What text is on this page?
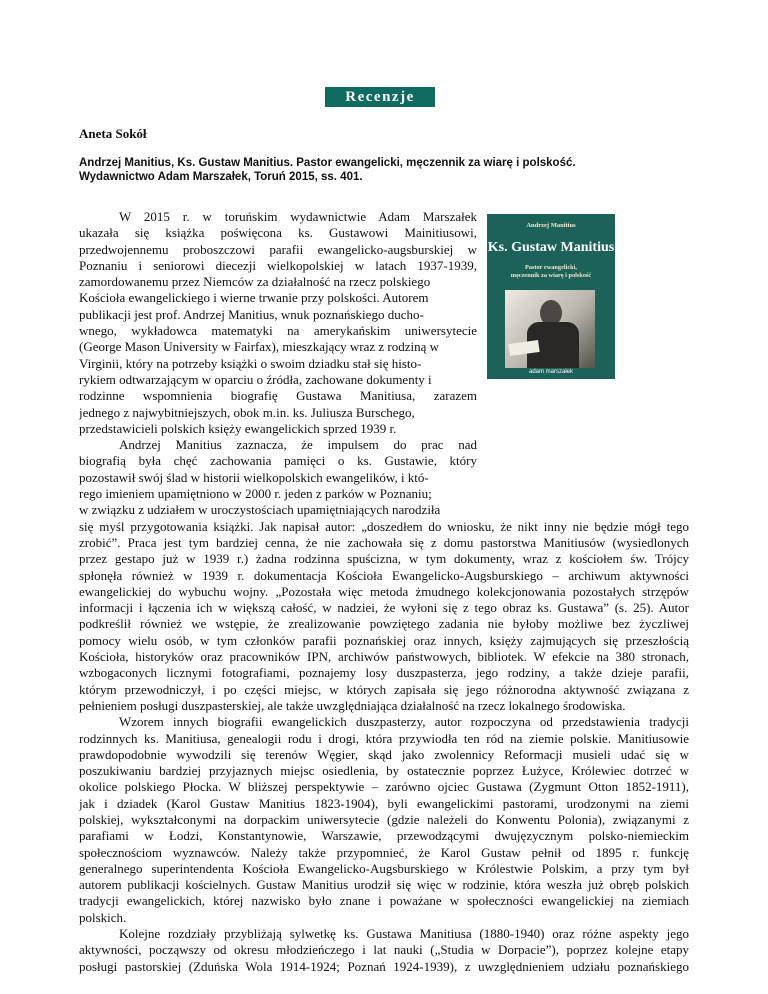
Recenzje
Aneta Sokół
Andrzej Manitius, Ks. Gustaw Manitius. Pastor ewangelicki, męczennik za wiarę i polskość.
Wydawnictwo Adam Marszałek, Toruń 2015, ss. 401.
Andrzej Manitius
Ks. Gustaw Manitius
Pastor ewangelicki,
męczennik za wiarę i polskość
adam marszałek
W 2015 r. w toruńskim wydawnictwie Adam Marszałek
ukazała się książka poświęcona ks. Gustawowi Mainitiusowi,
przedwojennemu proboszczowi parafii ewangelicko-augsburskiej w
Poznaniu i seniorowi diecezji wielkopolskiej w latach 1937-1939,
zamordowanemu przez Niemców za działalność na rzecz polskiego
Kościoła ewangelickiego i wierne trwanie przy polskości. Autorem
publikacji jest prof. Andrzej Manitius, wnuk poznańskiego ducho-
wnego, wykładowca matematyki na amerykańskim uniwersytecie
(George Mason University w Fairfax), mieszkający wraz z rodziną w
Virginii, który na potrzeby książki o swoim dziadku stał się histo-
rykiem odtwarzającym w oparciu o źródła, zachowane dokumenty i
rodzinne wspomnienia biografię Gustawa Manitiusa, zarazem
jednego z najwybitniejszych, obok m.in. ks. Juliusza Burschego,
przedstawicieli polskich księży ewangelickich sprzed 1939 r.
Andrzej Manitius zaznacza, że impulsem do prac nad
biografią była chęć zachowania pamięci o ks. Gustawie, który
pozostawił swój ślad w historii wielkopolskich ewangelików, i któ-
rego imieniem upamiętniono w 2000 r. jeden z parków w Poznaniu;
w związku z udziałem w uroczystościach upamiętniających narodziła
się myśl przygotowania książki. Jak napisał autor: „doszedłem do wniosku, że nikt inny nie będzie mógł tego
zrobić”. Praca jest tym bardziej cenna, że nie zachowała się z domu pastorstwa Manitiusów (wysiedlonych
przez gestapo już w 1939 r.) żadna rodzinna spuścizna, w tym dokumenty, wraz z kościołem św. Trójcy
spłonęła również w 1939 r. dokumentacja Kościoła Ewangelicko-Augsburskiego – archiwum aktywności
ewangelickiej do wybuchu wojny. „Pozostała więc metoda żmudnego kolekcjonowania pozostałych strzępów
informacji i łączenia ich w większą całość, w nadziei, że wyłoni się z tego obraz ks. Gustawa” (s. 25). Autor
podkreślił również we wstępie, że zrealizowanie powziętego zadania nie byłoby możliwe bez życzliwej
pomocy wielu osób, w tym członków parafii poznańskiej oraz innych, księży zajmujących się przeszłością
Kościoła, historyków oraz pracowników IPN, archiwów państwowych, bibliotek. W efekcie na 380 stronach,
wzbogaconych licznymi fotografiami, poznajemy losy duszpasterza, jego rodziny, a także dzieje parafii,
którym przewodniczył, i po części miejsc, w których zapisała się jego różnorodna aktywność związana z
pełnieniem posługi duszpasterskiej, ale także uwzględniająca działalność na rzecz lokalnego środowiska.
Wzorem innych biografii ewangelickich duszpasterzy, autor rozpoczyna od przedstawienia tradycji
rodzinnych ks. Manitiusa, genealogii rodu i drogi, która przywiodła ten ród na ziemie polskie. Manitiusowie
prawdopodobnie wywodzili się terenów Węgier, skąd jako zwolennicy Reformacji musieli udać się w
poszukiwaniu bardziej przyjaznych miejsc osiedlenia, by ostatecznie poprzez Łużyce, Królewiec dotrzeć w
okolice polskiego Płocka. W bliższej perspektywie – zarówno ojciec Gustawa (Zygmunt Otton 1852-1911),
jak i dziadek (Karol Gustaw Manitius 1823-1904), byli ewangelickimi pastorami, urodzonymi na ziemi
polskiej, wykształconymi na dorpackim uniwersytecie (gdzie należeli do Konwentu Polonia), związanymi z
parafiami w Łodzi, Konstantynowie, Warszawie, przewodzącymi dwujęzycznym polsko-niemieckim
społecznościom wyznawców. Należy także przypomnieć, że Karol Gustaw pełnił od 1895 r. funkcję
generalnego superintendenta Kościoła Ewangelicko-Augsburskiego w Królestwie Polskim, a przy tym był
autorem publikacji kościelnych. Gustaw Manitius urodził się więc w rodzinie, która weszła już obręb polskich
tradycji ewangelickich, której nazwisko było znane i poważane w społeczności ewangelickiej na ziemiach
polskich.
Kolejne rozdziały przybliżają sylwetkę ks. Gustawa Manitiusa (1880-1940) oraz różne aspekty jego
aktywności, począwszy od okresu młodzieńczego i lat nauki („Studia w Dorpacie”), poprzez kolejne etapy
posługi pastorskiej (Zduńska Wola 1914-1924; Poznań 1924-1939), z uwzględnieniem udziału poznańskiego
